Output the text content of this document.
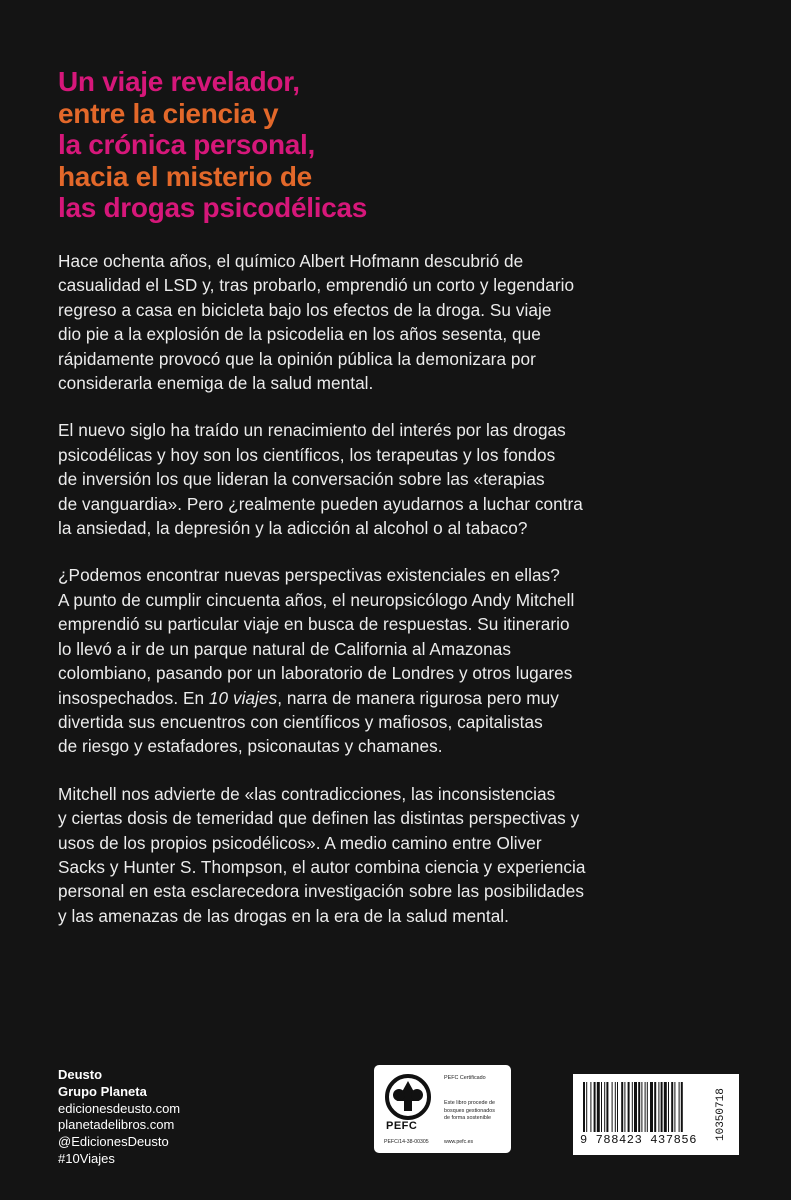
Un viaje revelador,
entre la ciencia y
la crónica personal,
hacia el misterio de
las drogas psicodélicas

Hace ochenta años, el químico Albert Hofmann descubrió de
casualidad el LSD y, tras probarlo, emprendió un corto y legendario
regreso a casa en bicicleta bajo los efectos de la droga. Su viaje
dio pie a la explosión de la psicodelia en los años sesenta, que
rápidamente provocó que la opinión pública la demonizara por
considerarla enemiga de la salud mental.

El nuevo siglo ha traído un renacimiento del interés por las drogas
psicodélicas y hoy son los científicos, los terapeutas y los fondos
de inversión los que lideran la conversación sobre las «terapias
de vanguardia». Pero ¿realmente pueden ayudarnos a luchar contra
la ansiedad, la depresión y la adicción al alcohol o al tabaco?

¿Podemos encontrar nuevas perspectivas existenciales en ellas?
A punto de cumplir cincuenta años, el neuropsicólogo Andy Mitchell
emprendió su particular viaje en busca de respuestas. Su itinerario
lo llevó a ir de un parque natural de California al Amazonas
colombiano, pasando por un laboratorio de Londres y otros lugares
insospechados. En 10 viajes, narra de manera rigurosa pero muy
divertida sus encuentros con científicos y mafiosos, capitalistas
de riesgo y estafadores, psiconautas y chamanes.

Mitchell nos advierte de «las contradicciones, las inconsistencias
y ciertas dosis de temeridad que definen las distintas perspectivas y
usos de los propios psicodélicos». A medio camino entre Oliver
Sacks y Hunter S. Thompson, el autor combina ciencia y experiencia
personal en esta esclarecedora investigación sobre las posibilidades
y las amenazas de las drogas en la era de la salud mental.

Deusto
Grupo Planeta
edicionesdeusto.com
planetadelibros.com
@EdicionesDeusto
#10Viajes
PEFC
PEFC Certificado
Este libro procede de
bosques gestionados
de forma sostenible
PEFC/14-38-00305	www.pefc.es	9 788423 437856	10350718
